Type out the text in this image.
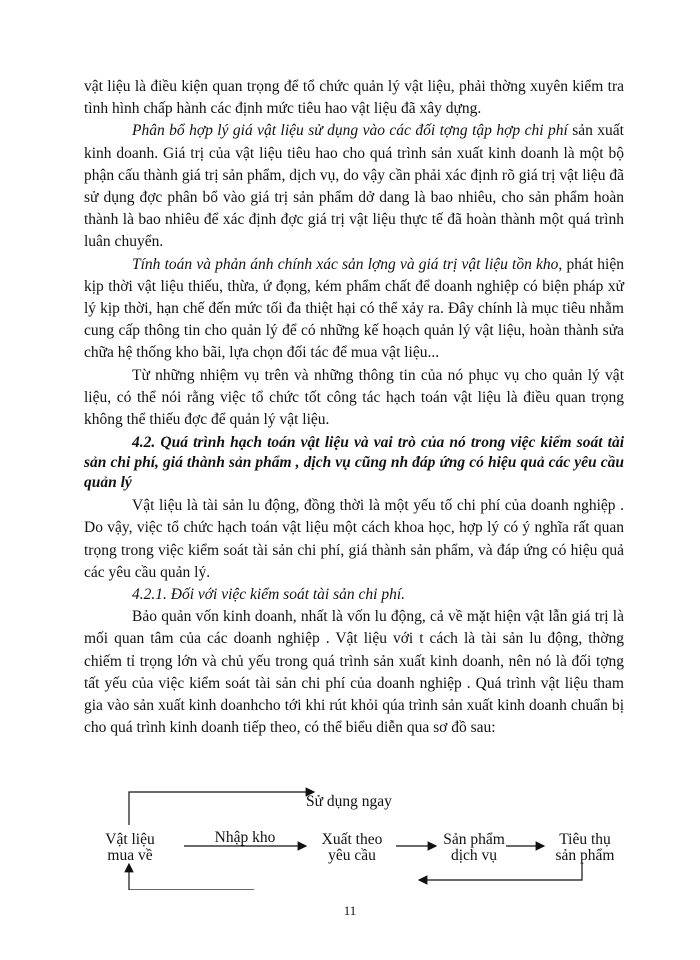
vật liệu là điều kiện quan trọng để tổ chức quản lý vật liệu, phải thờng xuyên kiểm tra tình hình chấp hành các định mức tiêu hao vật liệu đã xây dựng.

Phân bổ hợp lý giá vật liệu sử dụng vào các đối tợng tập hợp chi phí sản xuất kinh doanh. Giá trị của vật liệu tiêu hao cho quá trình sản xuất kinh doanh là một bộ phận cấu thành giá trị sản phẩm, dịch vụ, do vậy cần phải xác định rõ giá trị vật liệu đã sử dụng đợc phân bổ vào giá trị sản phẩm dở dang là bao nhiêu, cho sản phẩm hoàn thành là bao nhiêu để xác định đợc giá trị vật liệu thực tế đã hoàn thành một quá trình luân chuyển.

Tính toán và phản ánh chính xác sản lợng và giá trị vật liệu tồn kho, phát hiện kịp thời vật liệu thiếu, thừa, ứ đọng, kém phẩm chất để doanh nghiệp có biện pháp xử lý kịp thời, hạn chế đến mức tối đa thiệt hại có thể xảy ra. Đây chính là mục tiêu nhằm cung cấp thông tin cho quản lý để có những kế hoạch quản lý vật liệu, hoàn thành sửa chữa hệ thống kho bãi, lựa chọn đối tác để mua vật liệu...

Từ những nhiệm vụ trên và những thông tin của nó phục vụ cho quản lý vật liệu, có thể nói rằng việc tổ chức tốt công tác hạch toán vật liệu là điều quan trọng không thể thiếu đợc để quản lý vật liệu.

4.2. Quá trình hạch toán vật liệu và vai trò của nó trong việc kiểm soát tài sản chi phí, giá thành sản phẩm , dịch vụ cũng nh đáp ứng có hiệu quả các yêu cầu quản lý

Vật liệu là tài sản lu động, đồng thời là một yếu tố chi phí của doanh nghiệp . Do vậy, việc tổ chức hạch toán vật liệu một cách khoa học, hợp lý có ý nghĩa rất quan trọng trong việc kiểm soát tài sản chi phí, giá thành sản phẩm, và đáp ứng có hiệu quả các yêu cầu quản lý.

4.2.1. Đối với việc kiểm soát tài sản chi phí.

Bảo quản vốn kinh doanh, nhất là vốn lu động, cả về mặt hiện vật lẫn giá trị là mối quan tâm của các doanh nghiệp . Vật liệu với t cách là tài sản lu động, thờng chiếm tỉ trọng lớn và chủ yếu trong quá trình sản xuất kinh doanh, nên nó là đối tợng tất yếu của việc kiểm soát tài sản chi phí của doanh nghiệp . Quá trình vật liệu tham gia vào sản xuất kinh doanhcho tới khi rút khỏi qúa trình sản xuất kinh doanh chuẩn bị cho quá trình kinh doanh tiếp theo, có thể biểu diễn qua sơ đồ sau:

Sử dụng ngay
Vật liệu
mua về
Nhập kho	Xuất theo
yêu cầu
Sản phẩm
dịch vụ
Tiêu thụ
sản phẩm
11
